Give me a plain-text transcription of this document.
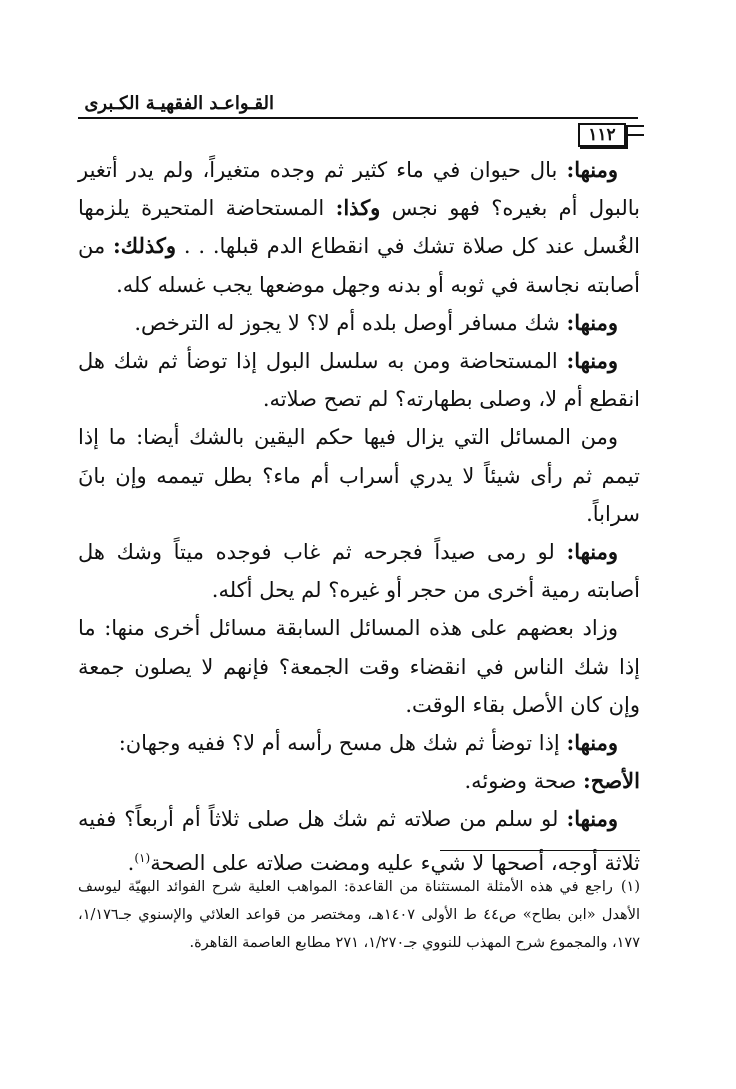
القـواعـد الفقهيـة الكـبرى
١١٢

ومنها: بال حيوان في ماء كثير ثم وجده متغيراً، ولم يدر أتغير بالبول أم بغيره؟ فهو نجس وكذا: المستحاضة المتحيرة يلزمها الغُسل عند كل صلاة تشك في انقطاع الدم قبلها. . . وكذلك: من أصابته نجاسة في ثوبه أو بدنه وجهل موضعها يجب غسله كله.

ومنها: شك مسافر أوصل بلده أم لا؟ لا يجوز له الترخص.

ومنها: المستحاضة ومن به سلسل البول إذا توضأ ثم شك هل انقطع أم لا، وصلى بطهارته؟ لم تصح صلاته.

ومن المسائل التي يزال فيها حكم اليقين بالشك أيضا: ما إذا تيمم ثم رأى شيئاً لا يدري أسراب أم ماء؟ بطل تيممه وإن بانَ سراباً.

ومنها: لو رمى صيداً فجرحه ثم غاب فوجده ميتاً وشك هل أصابته رمية أخرى من حجر أو غيره؟ لم يحل أكله.

وزاد بعضهم على هذه المسائل السابقة مسائل أخرى منها: ما إذا شك الناس في انقضاء وقت الجمعة؟ فإنهم لا يصلون جمعة وإن كان الأصل بقاء الوقت.

ومنها: إذا توضأ ثم شك هل مسح رأسه أم لا؟ ففيه وجهان:

الأصح: صحة وضوئه.

ومنها: لو سلم من صلاته ثم شك هل صلى ثلاثاً أم أربعاً؟ ففيه ثلاثة أوجه، أصحها لا شيء عليه ومضت صلاته على الصحة$^{(١)}$.

(١)راجع في هذه الأمثلة المستثناة من القاعدة: المواهب العلية شرح الفوائد البهيّة ليوسف الأهدل «ابن بطاح» ص٤٤ ط الأولى ١٤٠٧هـ، ومختصر من قواعد العلائي والإسنوي جـ١/١٧٦، ١٧٧، والمجموع شرح المهذب للنووي جـ١/٢٧٠، ٢٧١ مطابع العاصمة القاهرة.
